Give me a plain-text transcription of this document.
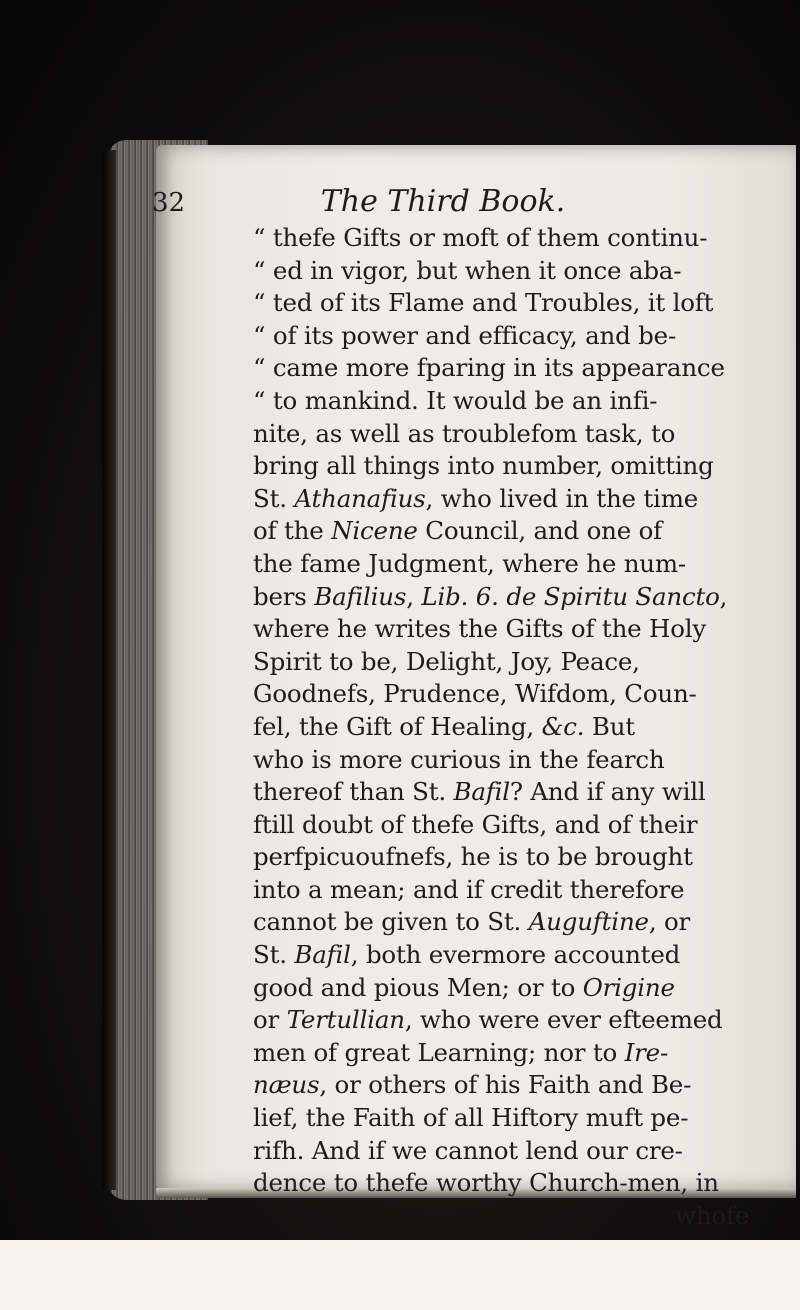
32	The Third Book.
“ thefe Gifts or moft of them continu-
“ ed in vigor, but when it once aba-
“ ted of its Flame and Troubles, it loft
“ of its power and efficacy, and be-
“ came more fparing in its appearance
“ to mankind. It would be an infi-
nite, as well as troublefom task, to
bring all things into number, omitting
St. Athanafius, who lived in the time
of the Nicene Council, and one of
the fame Judgment, where he num-
bers Bafilius, Lib. 6. de Spiritu Sancto,
where he writes the Gifts of the Holy
Spirit to be, Delight, Joy, Peace,
Goodnefs, Prudence, Wifdom, Coun-
fel, the Gift of Healing, &c. But
who is more curious in the fearch
thereof than St. Bafil? And if any will
ftill doubt of thefe Gifts, and of their
perfpicuoufnefs, he is to be brought
into a mean; and if credit therefore
cannot be given to St. Auguftine, or
St. Bafil, both evermore accounted
good and pious Men; or to Origine
or Tertullian, who were ever efteemed
men of great Learning; nor to Ire-
næus, or others of his Faith and Be-
lief, the Faith of all Hiftory muft pe-
rifh. And if we cannot lend our cre-
dence to thefe worthy Church-men, in
whofe
